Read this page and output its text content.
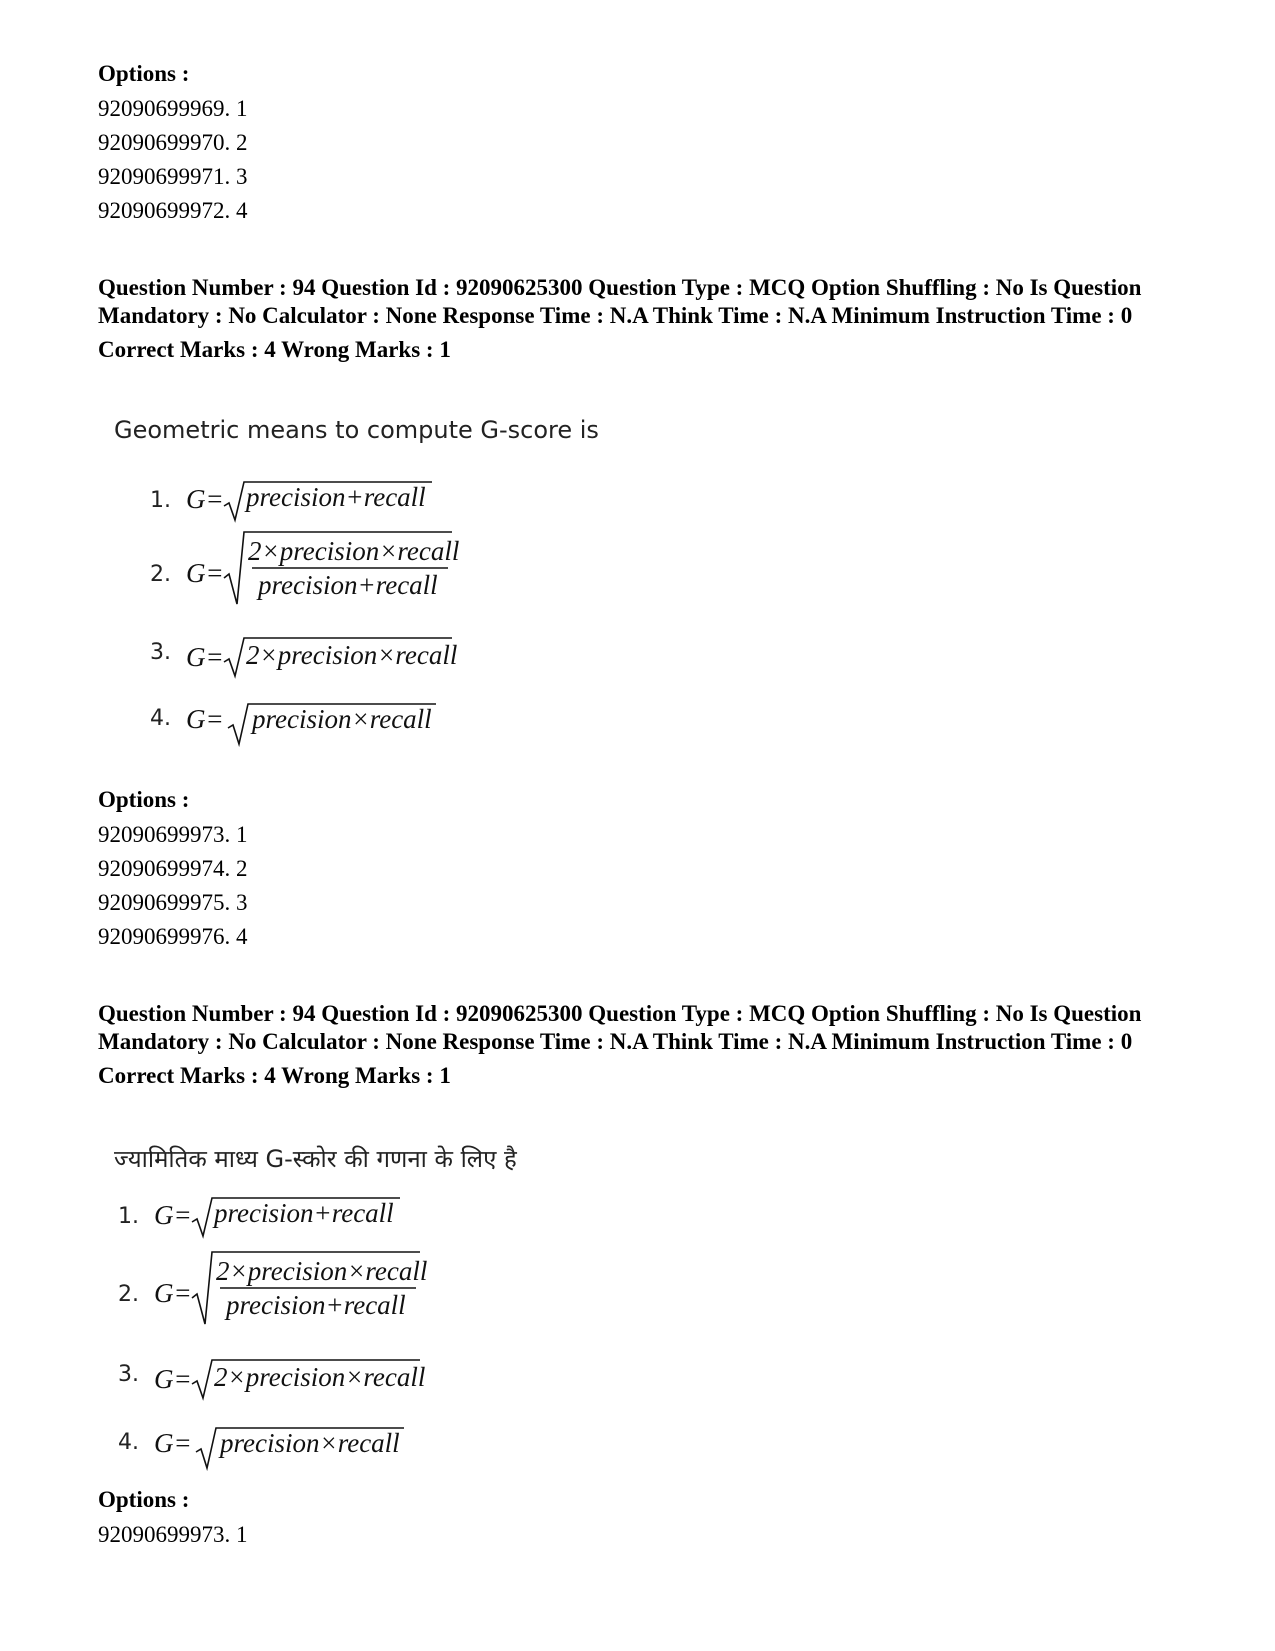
Options :

92090699969. 1

92090699970. 2

92090699971. 3

92090699972. 4

Question Number : 94 Question Id : 92090625300 Question Type : MCQ Option Shuffling : No Is Question Mandatory : No Calculator : None Response Time : N.A Think Time : N.A Minimum Instruction Time : 0
Correct Marks : 4 Wrong Marks : 1
Geometric means to compute G-score is
1. G= precision+recall
2. G=
2×precision×recall
precision+recall
3. G= 2×precision×recall
4. G= precision×recall
Options :

92090699973. 1

92090699974. 2

92090699975. 3

92090699976. 4

Question Number : 94 Question Id : 92090625300 Question Type : MCQ Option Shuffling : No Is Question Mandatory : No Calculator : None Response Time : N.A Think Time : N.A Minimum Instruction Time : 0
Correct Marks : 4 Wrong Marks : 1
ज्यामितिक माध्य G-स्कोर की गणना के लिए है
1. G= precision+recall
2. G=
2×precision×recall
precision+recall
3. G= 2×precision×recall
4. G= precision×recall
Options :

92090699973. 1
